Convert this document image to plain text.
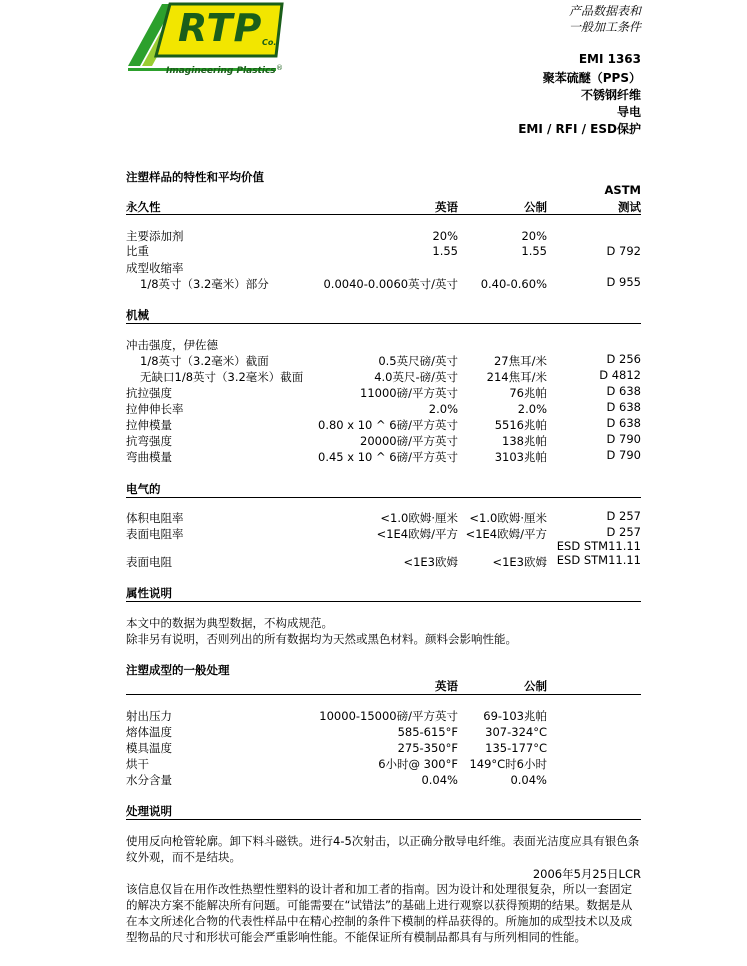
RTP Co.
Imagineering Plastics ®
产品数据表和
一般加工条件
EMI 1363
聚苯硫醚（PPS）
不锈钢纤维
导电
EMI / RFI / ESD保护
注塑样品的特性和平均价值
ASTM
永久性	英语	公制	测试
主要添加剂	20%	20%
比重	1.55	1.55	D 792
成型收缩率
1/8英寸（3.2毫米）部分	0.0040-0.0060英寸/英寸 0.40-0.60%	D 955
机械
冲击强度，伊佐德
1/8英寸（3.2毫米）截面	0.5英尺磅/英寸	27焦耳/米	D 256
无缺口1/8英寸（3.2毫米）截面	4.0英尺-磅/英寸 214焦耳/米	D 4812
抗拉强度	11000磅/平方英寸	76兆帕	D 638
拉伸伸长率	2.0%	2.0%	D 638
拉伸模量	0.80 x 10 ^ 6磅/平方英寸	5516兆帕	D 638
抗弯强度	20000磅/平方英寸	138兆帕	D 790
弯曲模量	0.45 x 10 ^ 6磅/平方英寸	3103兆帕	D 790
电气的
体积电阻率	<1.0欧姆·厘米 <1.0欧姆·厘米	D 257
表面电阻率	<1E4欧姆/平方 <1E4欧姆/平方	D 257
ESD STM11.11
表面电阻	<1E3欧姆	<1E3欧姆 ESD STM11.11
属性说明
本文中的数据为典型数据，不构成规范。
除非另有说明，否则列出的所有数据均为天然或黑色材料。颜料会影响性能。
注塑成型的一般处理
英语	公制
射出压力	10000-15000磅/平方英寸 69-103兆帕
熔体温度	585-615°F 307-324°C
模具温度	275-350°F 135-177°C
烘干	6小时@ 300°F 149°C时6小时
水分含量	0.04%	0.04%
处理说明
使用反向枪管轮廓。卸下料斗磁铁。进行4-5次射击，以正确分散导电纤维。表面光洁度应具有银色条纹外观，而不是结块。
2006年5月25日LCR
该信息仅旨在用作改性热塑性塑料的设计者和加工者的指南。因为设计和处理很复杂，所以一套固定的解决方案不能解决所有问题。可能需要在“试错法”的基础上进行观察以获得预期的结果。数据是从在本文所述化合物的代表性样品中在精心控制的条件下模制的样品获得的。所施加的成型技术以及成型物品的尺寸和形状可能会严重影响性能。不能保证所有模制品都具有与所列相同的性能。
